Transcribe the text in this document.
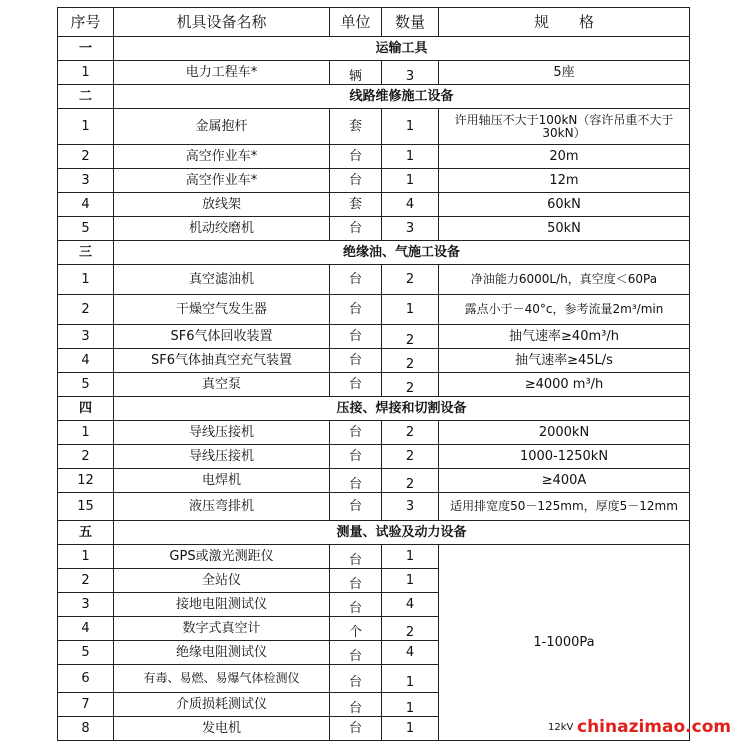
序号	机具设备名称	单位	数量	规　　格
一	运输工具			
1	电力工程车*	辆	3	5座
二	线路维修施工设备			
1	金属抱杆	套	1	许用轴压不大于100kN（容许吊重不大于30kN）
2	高空作业车*	台	1	20m
3	高空作业车*	台	1	12m
4	放线架	套	4	60kN
5	机动绞磨机	台	3	50kN
三	绝缘油、气施工设备			
1	真空滤油机	台	2	净油能力6000L/h，真空度＜60Pa
2	干燥空气发生器	台	1	露点小于－40°c，参考流量2m³/min
3	SF6气体回收装置	台	2	抽气速率≥40m³/h
4	SF6气体抽真空充气装置	台	2	抽气速率≥45L/s
5	真空泵	台	2	≥4000 m³/h
四	压接、焊接和切割设备			
1	导线压接机	台	2	2000kN
2	导线压接机	台	2	1000-1250kN
12	电焊机	台	2	≥400A
15	液压弯排机	台	3	适用排宽度50－125mm，厚度5－12mm
五	测量、试验及动力设备			
1	GPS或激光测距仪	台	1	1-1000Pa
2	全站仪	台	1	
3	接地电阻测试仪	台	4	
4	数字式真空计	个	2	
5	绝缘电阻测试仪	台	4	
6	有毒、易燃、易爆气体检测仪	台	1	
7	介质损耗测试仪	台	1	
8	发电机	台	1		12kV chinazimao.com
